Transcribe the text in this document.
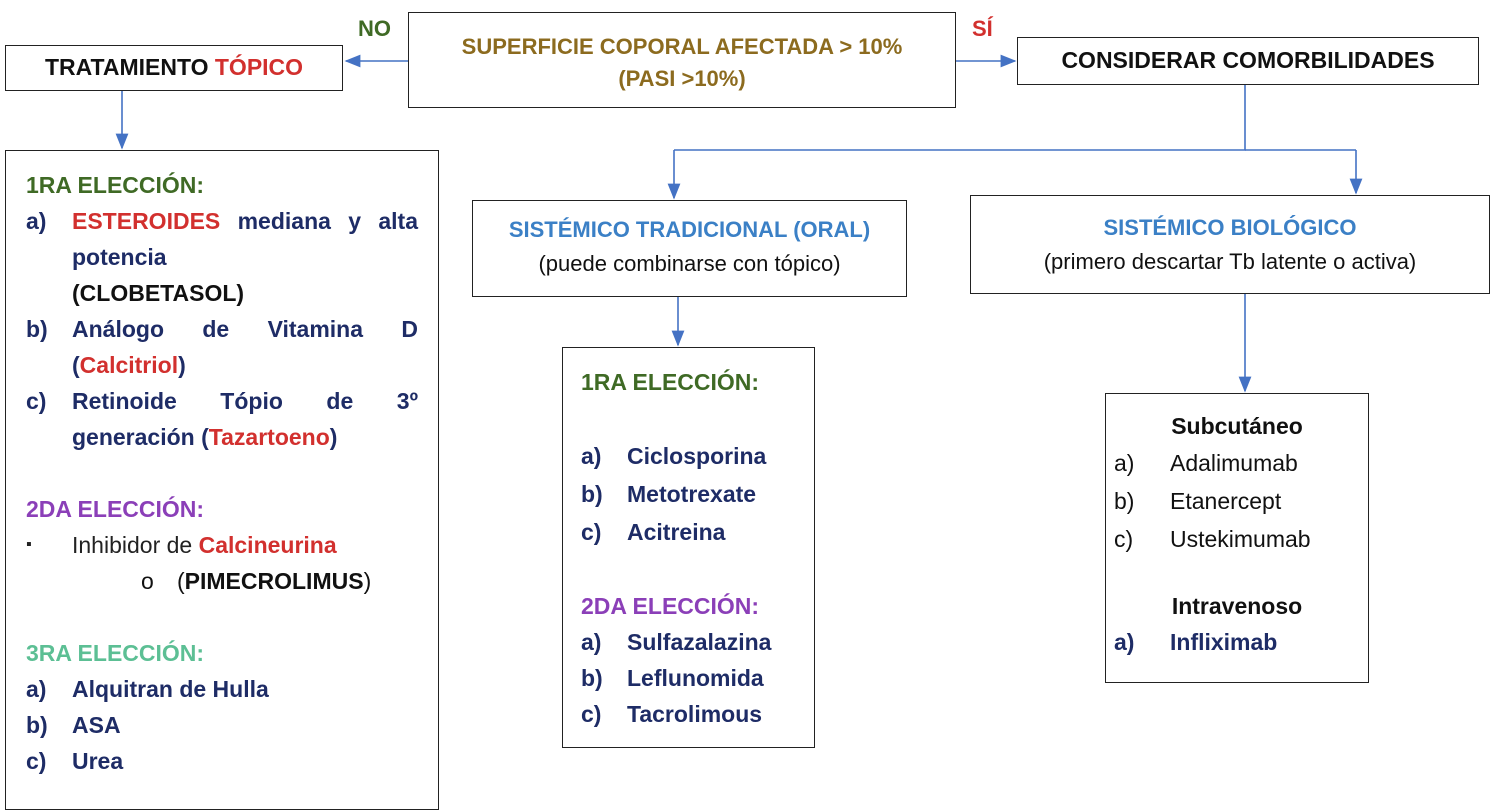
NO	SÍ
SUPERFICIE COPORAL AFECTADA > 10%
(PASI >10%)
TRATAMIENTO TÓPICO	CONSIDERAR COMORBILIDADES
1RA ELECCIÓN:
a)	ESTEROIDES mediana y alta potencia
(CLOBETASOL)
b)	Análogo de Vitamina D (Calcitriol)
c)	Retinoide Tópio de 3º generación (Tazartoeno)
2DA ELECCIÓN:
▪	Inhibidor de Calcineurina
o	(PIMECROLIMUS)
3RA ELECCIÓN:
a)	Alquitran de Hulla
b)	ASA
c)	Urea
SISTÉMICO TRADICIONAL (ORAL)
(puede combinarse con tópico)
SISTÉMICO BIOLÓGICO
(primero descartar Tb latente o activa)
1RA ELECCIÓN:
a)	Ciclosporina
b)	Metotrexate
c)	Acitreina
2DA ELECCIÓN:
a)	Sulfazalazina
b)	Leflunomida
c)	Tacrolimous
Subcutáneo
a)	Adalimumab
b)	Etanercept
c)	Ustekimumab
Intravenoso
a)	Infliximab
